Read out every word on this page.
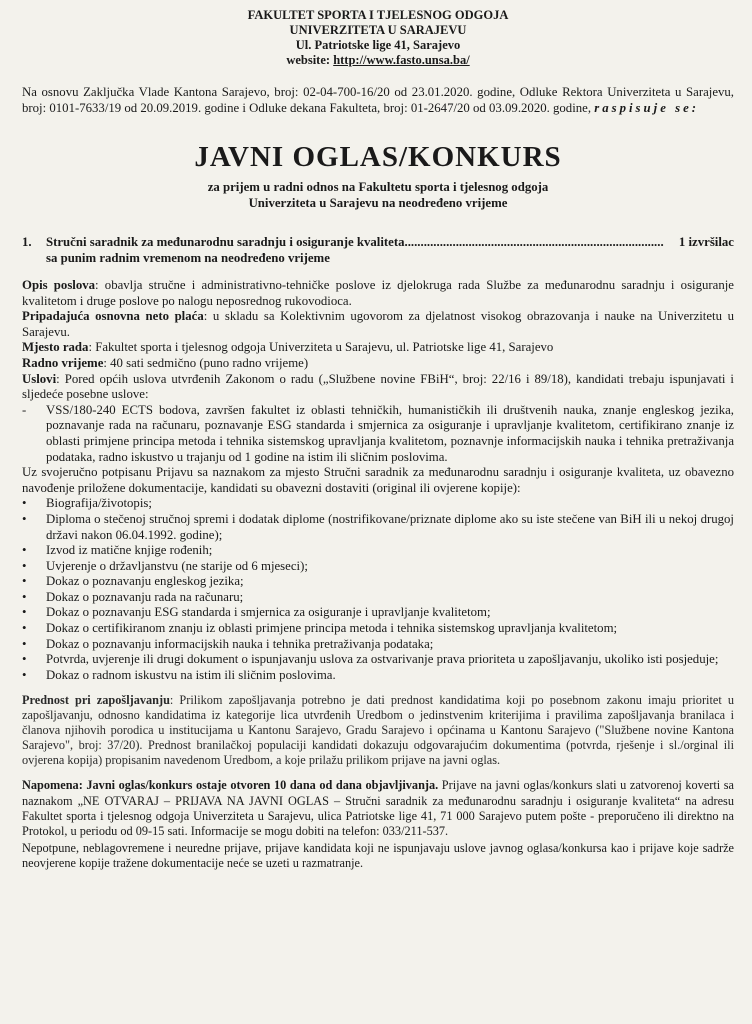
FAKULTET SPORTA I TJELESNOG ODGOJA
UNIVERZITETA U SARAJEVU
Ul. Patriotske lige 41, Sarajevo
website: http://www.fasto.unsa.ba/
Na osnovu Zaključka Vlade Kantona Sarajevo, broj: 02-04-700-16/20 od 23.01.2020. godine, Odluke Rektora Univerziteta u Sarajevu, broj: 0101-7633/19 od 20.09.2019. godine i Odluke dekana Fakulteta, broj: 01-2647/20 od 03.09.2020. godine, raspisuje se:
JAVNI OGLAS/KONKURS
za prijem u radni odnos na Fakultetu sporta i tjelesnog odgoja
Univerziteta u Sarajevu na neodređeno vrijeme
1.	Stručni saradnik za međunarodnu saradnju i osiguranje kvaliteta .................................................................................	1 izvršilac
sa punim radnim vremenom na neodređeno vrijeme
Opis poslova: obavlja stručne i administrativno-tehničke poslove iz djelokruga rada Službe za međunarodnu saradnju i osiguranje kvalitetom i druge poslove po nalogu neposrednog rukovodioca.
Pripadajuća osnovna neto plaća: u skladu sa Kolektivnim ugovorom za djelatnost visokog obrazovanja i nauke na Univerzitetu u Sarajevu.
Mjesto rada: Fakultet sporta i tjelesnog odgoja Univerziteta u Sarajevu, ul. Patriotske lige 41, Sarajevo
Radno vrijeme: 40 sati sedmično (puno radno vrijeme)
Uslovi: Pored općih uslova utvrđenih Zakonom o radu („Službene novine FBiH“, broj: 22/16 i 89/18), kandidati trebaju ispunjavati i sljedeće posebne uslove:
-	VSS/180-240 ECTS bodova, završen fakultet iz oblasti tehničkih, humanističkih ili društvenih nauka, znanje engleskog jezika, poznavanje rada na računaru, poznavanje ESG standarda i smjernica za osiguranje i upravljanje kvalitetom, certifikirano znanje iz oblasti primjene principa metoda i tehnika sistemskog upravljanja kvalitetom, poznavnje informacijskih nauka i tehnika pretraživanja podataka, radno iskustvo u trajanju od 1 godine na istim ili sličnim poslovima.
Uz svojeručno potpisanu Prijavu sa naznakom za mjesto Stručni saradnik za međunarodnu saradnju i osiguranje kvaliteta, uz obavezno navođenje priložene dokumentacije, kandidati su obavezni dostaviti (original ili ovjerene kopije):
•	Biografija/životopis;
•	Diploma o stečenoj stručnoj spremi i dodatak diplome (nostrifikovane/priznate diplome ako su iste stečene van BiH ili u nekoj drugoj državi nakon 06.04.1992. godine);
•	Izvod iz matične knjige rođenih;
•	Uvjerenje o državljanstvu (ne starije od 6 mjeseci);
•	Dokaz o poznavanju engleskog jezika;
•	Dokaz o poznavanju rada na računaru;
•	Dokaz o poznavanju ESG standarda i smjernica za osiguranje i upravljanje kvalitetom;
•	Dokaz o certifikiranom znanju iz oblasti primjene principa metoda i tehnika sistemskog upravljanja kvalitetom;
•	Dokaz o poznavanju informacijskih nauka i tehnika pretraživanja podataka;
•	Potvrda, uvjerenje ili drugi dokument o ispunjavanju uslova za ostvarivanje prava prioriteta u zapošljavanju, ukoliko isti posjeduje;
•	Dokaz o radnom iskustvu na istim ili sličnim poslovima.
Prednost pri zapošljavanju: Prilikom zapošljavanja potrebno je dati prednost kandidatima koji po posebnom zakonu imaju prioritet u zapošljavanju, odnosno kandidatima iz kategorije lica utvrđenih Uredbom o jedinstvenim kriterijima i pravilima zapošljavanja branilaca i članova njihovih porodica u institucijama u Kantonu Sarajevo, Gradu Sarajevo i općinama u Kantonu Sarajevo ("Službene novine Kantona Sarajevo", broj: 37/20). Prednost branilačkoj populaciji kandidati dokazuju odgovarajućim dokumentima (potvrda, rješenje i sl./orginal ili ovjerena kopija) propisanim navedenom Uredbom, a koje prilažu prilikom prijave na javni oglas.
Napomena: Javni oglas/konkurs ostaje otvoren 10 dana od dana objavljivanja. Prijave na javni oglas/konkurs slati u zatvorenoj koverti sa naznakom „NE OTVARAJ – PRIJAVA NA JAVNI OGLAS – Stručni saradnik za međunarodnu saradnju i osiguranje kvaliteta“ na adresu Fakultet sporta i tjelesnog odgoja Univerziteta u Sarajevu, ulica Patriotske lige 41, 71 000 Sarajevo putem pošte - preporučeno ili direktno na Protokol, u periodu od 09-15 sati. Informacije se mogu dobiti na telefon: 033/211-537.
Nepotpune, neblagovremene i neuredne prijave, prijave kandidata koji ne ispunjavaju uslove javnog oglasa/konkursa kao i prijave koje sadrže neovjerene kopije tražene dokumentacije neće se uzeti u razmatranje.
